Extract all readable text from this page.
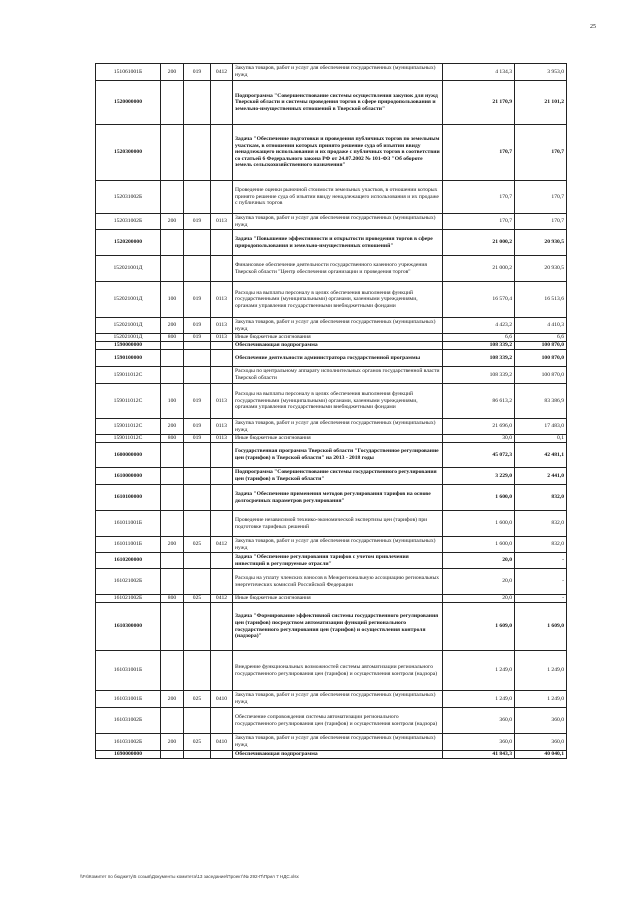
25
151061001Б	200	019	0412	Закупка товаров, работ и услуг для обеспечения государственных (муниципальных) нужд	4 134,3	3 953,0
1520000000				Подпрограмма "Совершенствование системы осуществления закупок для нужд Тверской области и системы проведения торгов в сфере природопользования и земельно-имущественных отношений в Тверской области"	21 170,9	21 101,2
1520300000				Задача "Обеспечение подготовки и проведения публичных торгов по земельным участкам, в отношении которых принято решение суда об изъятии ввиду ненадлежащего использования и их продаже с публичных торгов в соответствии со статьей 6 Федерального закона РФ от 24.07.2002 № 101-ФЗ "Об обороте земель сельскохозяйственного назначения"	170,7	170,7
152031002Б				Проведение оценки рыночной стоимости земельных участков, в отношении которых принято решение суда об изъятии ввиду ненадлежащего использования и их продаже с публичных торгов	170,7	170,7
152031002Б	200	019	0113	Закупка товаров, работ и услуг для обеспечения государственных (муниципальных) нужд	170,7	170,7
1520200000				Задача "Повышение эффективности и открытости проведения торгов в сфере природопользования и земельно-имущественных отношений"	21 000,2	20 930,5
152021001Д				Финансовое обеспечение деятельности государственного казенного учреждения Тверской области "Центр обеспечения организации и проведения торгов"	21 000,2	20 930,5
152021001Д	100	019	0113	Расходы на выплаты персоналу в целях обеспечения выполнения функций государственными (муниципальными) органами, казенными учреждениями, органами управления государственными внебюджетными фондами	16 570,4	16 513,6
152021001Д	200	019	0113	Закупка товаров, работ и услуг для обеспечения государственных (муниципальных) нужд	4 423,2	4 410,3
152021001Д	800	019	0113	Иные бюджетные ассигнования	6,6	6,6
1590000000				Обеспечивающая подпрограмма	108 339,2	100 870,0
1590100000				Обеспечение деятельности администратора государственной программы	108 339,2	100 870,0
159011012С				Расходы по центральному аппарату исполнительных органов государственной власти Тверской области	108 339,2	100 870,0
159011012С	100	019	0113	Расходы на выплаты персоналу в целях обеспечения выполнения функций государственными (муниципальными) органами, казенными учреждениями, органами управления государственными внебюджетными фондами	86 613,2	83 386,9
159011012С	200	019	0113	Закупка товаров, работ и услуг для обеспечения государственных (муниципальных) нужд	21 696,0	17 483,0
159011012С	800	019	0113	Иные бюджетные ассигнования	30,0	0,1
1600000000				Государственная программа Тверской области "Государственное регулирование цен (тарифов) в Тверской области" на 2013 - 2018 годы	45 072,3	42 481,1
1610000000				Подпрограмма "Совершенствование системы государственного регулирования цен (тарифов) в Тверской области"	3 229,0	2 441,0
1610100000				Задача "Обеспечение применения методов регулирования тарифов на основе долгосрочных параметров регулирования"	1 600,0	832,0
161011001Б				Проведение независимой технико-экономической экспертизы цен (тарифов) при подготовке тарифных решений	1 600,0	832,0
161011001Б	200	025	0412	Закупка товаров, работ и услуг для обеспечения государственных (муниципальных) нужд	1 600,0	832,0
1610200000				Задача "Обеспечение регулирования тарифов с учетом привлечения инвестиций в регулируемые отрасли"	20,0	-
161021002Б				Расходы на уплату членских взносов в Межрегиональную ассоциацию региональных энергетических комиссий Российской Федерации	20,0	-
161021002Б	800	025	0412	Иные бюджетные ассигнования	20,0	-
1610300000				Задача "Формирование эффективной системы государственного регулирования цен (тарифов) посредством автоматизации функций регионального государственного регулирования цен (тарифов) и осуществления контроля (надзора)"	1 609,0	1 609,0
161031001Б				Внедрение функциональных возможностей системы автоматизации регионального государственного регулирования цен (тарифов) и осуществления контроля (надзора)	1 249,0	1 249,0
161031001Б	200	025	0410	Закупка товаров, работ и услуг для обеспечения государственных (муниципальных) нужд	1 249,0	1 249,0
161031002Б				Обеспечение сопровождения системы автоматизации регионального государственного регулирования цен (тарифов) и осуществления контроля (надзора)	360,0	360,0
161031002Б	200	025	0410	Закупка товаров, работ и услуг для обеспечения государственных (муниципальных) нужд	360,0	360,0
1690000000				Обеспечивающая подпрограмма	41 843,3	40 040,1
\\Fs\Комитет по бюджету\5 созыв\Документы комитета\13 заседание\Проект\№ 292-П\Прил 7 НДС.xlsx
